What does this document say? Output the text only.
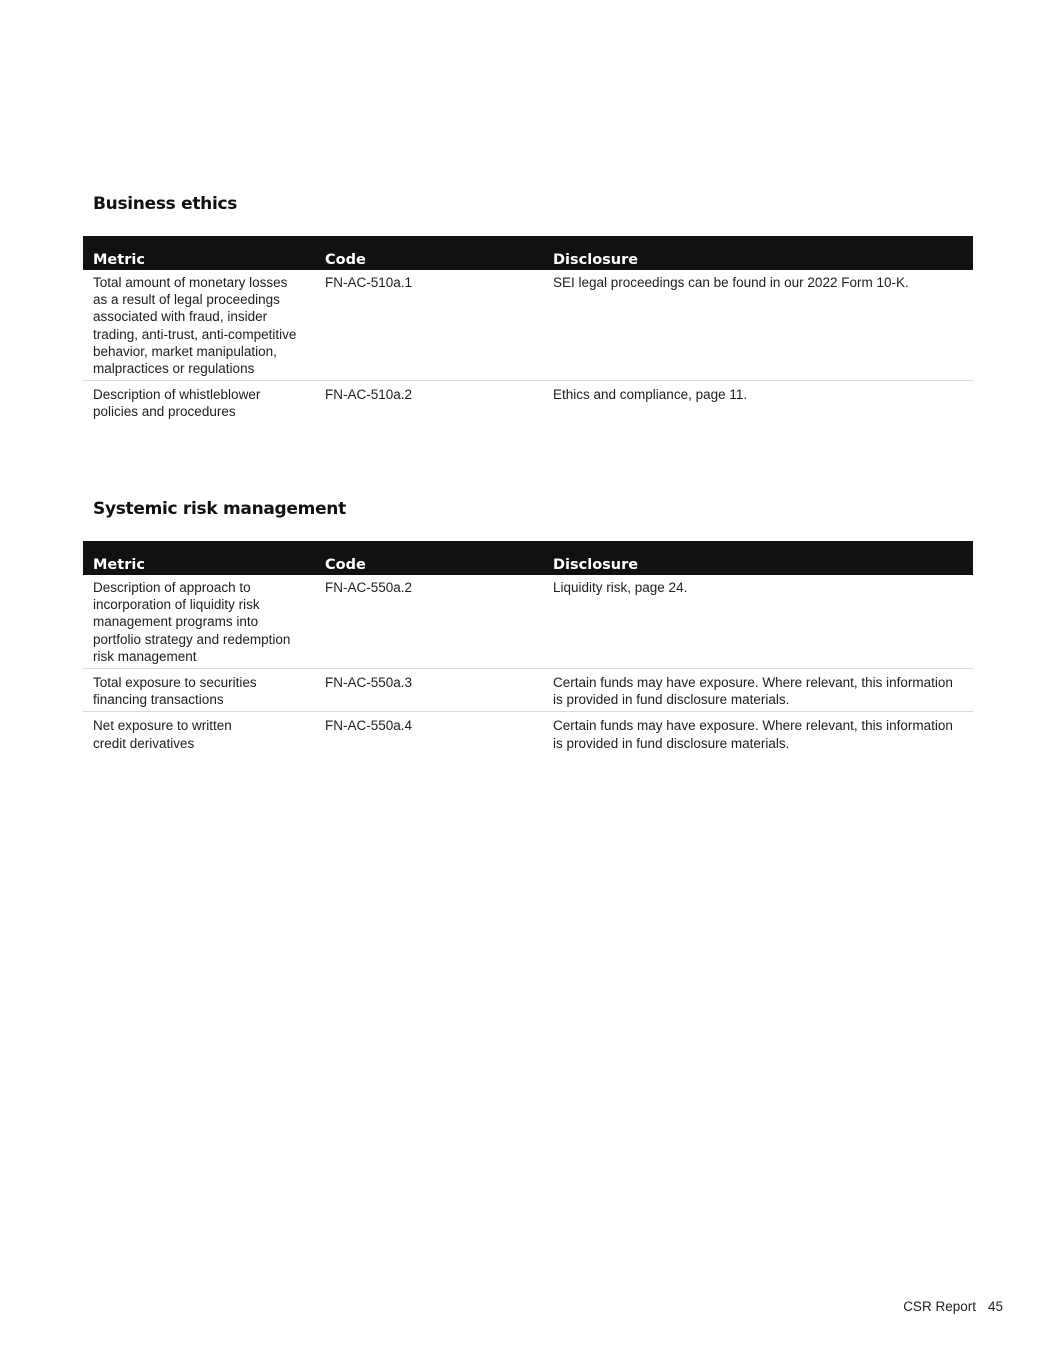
Business ethics
Metric	Code	Disclosure
Total amount of monetary losses as a result of legal proceedings associated with fraud, insider trading, anti-trust, anti-competitive behavior, market manipulation, malpractices or regulations	FN-AC-510a.1	SEI legal proceedings can be found in our 2022 Form 10-K.
Description of whistleblower policies and procedures	FN-AC-510a.2	Ethics and compliance, page 11.
Systemic risk management
Metric	Code	Disclosure
Description of approach to incorporation of liquidity risk management programs into portfolio strategy and redemption risk management	FN-AC-550a.2	Liquidity risk, page 24.
Total exposure to securities financing transactions	FN-AC-550a.3	Certain funds may have exposure. Where relevant, this information is provided in fund disclosure materials.
Net exposure to written credit derivatives	FN-AC-550a.4	Certain funds may have exposure. Where relevant, this information is provided in fund disclosure materials.
CSR Report 45
